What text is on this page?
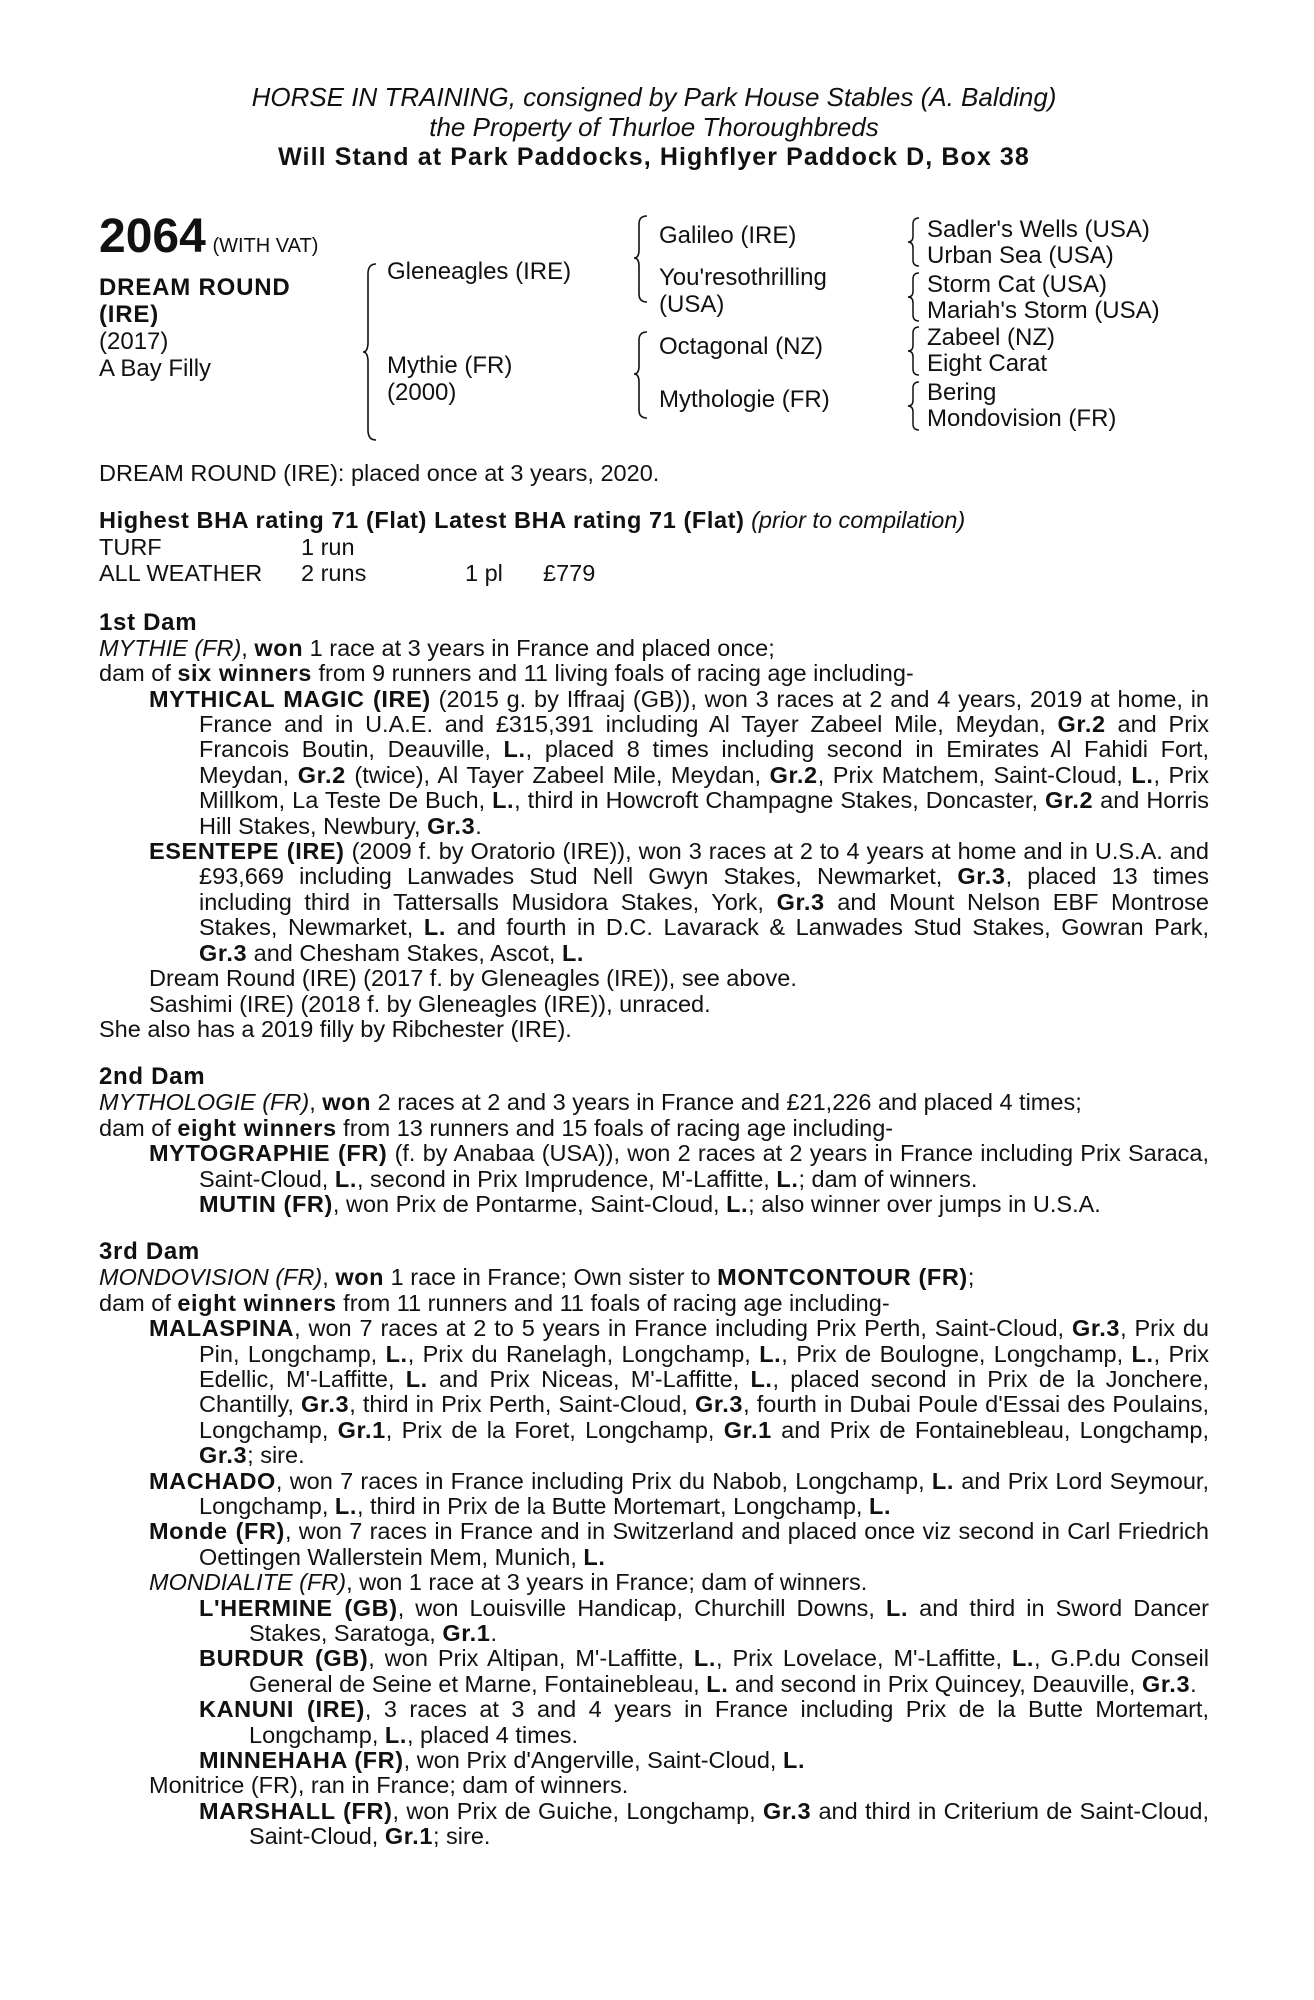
HORSE IN TRAINING, consigned by Park House Stables (A. Balding)
the Property of Thurloe Thoroughbreds
Will Stand at Park Paddocks, Highflyer Paddock D, Box 38
2064 (WITH VAT)
DREAM ROUND
(IRE)
(2017)
A Bay Filly
Gleneagles (IRE)
Mythie (FR)
(2000)
Galileo (IRE)
You'resothrilling
(USA)
Octagonal (NZ)
Mythologie (FR)
Sadler's Wells (USA)
Urban Sea (USA)
Storm Cat (USA)
Mariah's Storm (USA)
Zabeel (NZ)
Eight Carat
Bering
Mondovision (FR)

DREAM ROUND (IRE): placed once at 3 years, 2020.

Highest BHA rating 71 (Flat) Latest BHA rating 71 (Flat) (prior to compilation)

TURF	1 run
ALL WEATHER	2 runs	1 pl	£779
1st Dam

MYTHIE (FR), won 1 race at 3 years in France and placed once;

dam of six winners from 9 runners and 11 living foals of racing age including-

MYTHICAL MAGIC (IRE) (2015 g. by Iffraaj (GB)), won 3 races at 2 and 4 years, 2019 at home, in France and in U.A.E. and £315,391 including Al Tayer Zabeel Mile, Meydan, Gr.2 and Prix Francois Boutin, Deauville, L., placed 8 times including second in Emirates Al Fahidi Fort, Meydan, Gr.2 (twice), Al Tayer Zabeel Mile, Meydan, Gr.2, Prix Matchem, Saint-Cloud, L., Prix Millkom, La Teste De Buch, L., third in Howcroft Champagne Stakes, Doncaster, Gr.2 and Horris Hill Stakes, Newbury, Gr.3.

ESENTEPE (IRE) (2009 f. by Oratorio (IRE)), won 3 races at 2 to 4 years at home and in U.S.A. and £93,669 including Lanwades Stud Nell Gwyn Stakes, Newmarket, Gr.3, placed 13 times including third in Tattersalls Musidora Stakes, York, Gr.3 and Mount Nelson EBF Montrose Stakes, Newmarket, L. and fourth in D.C. Lavarack & Lanwades Stud Stakes, Gowran Park, Gr.3 and Chesham Stakes, Ascot, L.

Dream Round (IRE) (2017 f. by Gleneagles (IRE)), see above.

Sashimi (IRE) (2018 f. by Gleneagles (IRE)), unraced.

She also has a 2019 filly by Ribchester (IRE).

2nd Dam

MYTHOLOGIE (FR), won 2 races at 2 and 3 years in France and £21,226 and placed 4 times;

dam of eight winners from 13 runners and 15 foals of racing age including-

MYTOGRAPHIE (FR) (f. by Anabaa (USA)), won 2 races at 2 years in France including Prix Saraca, Saint-Cloud, L., second in Prix Imprudence, M'-Laffitte, L.; dam of winners.

MUTIN (FR), won Prix de Pontarme, Saint-Cloud, L.; also winner over jumps in U.S.A.

3rd Dam

MONDOVISION (FR), won 1 race in France; Own sister to MONTCONTOUR (FR);

dam of eight winners from 11 runners and 11 foals of racing age including-

MALASPINA, won 7 races at 2 to 5 years in France including Prix Perth, Saint-Cloud, Gr.3, Prix du Pin, Longchamp, L., Prix du Ranelagh, Longchamp, L., Prix de Boulogne, Longchamp, L., Prix Edellic, M'-Laffitte, L. and Prix Niceas, M'-Laffitte, L., placed second in Prix de la Jonchere, Chantilly, Gr.3, third in Prix Perth, Saint-Cloud, Gr.3, fourth in Dubai Poule d'Essai des Poulains, Longchamp, Gr.1, Prix de la Foret, Longchamp, Gr.1 and Prix de Fontainebleau, Longchamp, Gr.3; sire.

MACHADO, won 7 races in France including Prix du Nabob, Longchamp, L. and Prix Lord Seymour, Longchamp, L., third in Prix de la Butte Mortemart, Longchamp, L.

Monde (FR), won 7 races in France and in Switzerland and placed once viz second in Carl Friedrich Oettingen Wallerstein Mem, Munich, L.

MONDIALITE (FR), won 1 race at 3 years in France; dam of winners.

L'HERMINE (GB), won Louisville Handicap, Churchill Downs, L. and third in Sword Dancer Stakes, Saratoga, Gr.1.

BURDUR (GB), won Prix Altipan, M'-Laffitte, L., Prix Lovelace, M'-Laffitte, L., G.P.du Conseil General de Seine et Marne, Fontainebleau, L. and second in Prix Quincey, Deauville, Gr.3.

KANUNI (IRE), 3 races at 3 and 4 years in France including Prix de la Butte Mortemart, Longchamp, L., placed 4 times.

MINNEHAHA (FR), won Prix d'Angerville, Saint-Cloud, L.

Monitrice (FR), ran in France; dam of winners.

MARSHALL (FR), won Prix de Guiche, Longchamp, Gr.3 and third in Criterium de Saint-Cloud, Saint-Cloud, Gr.1; sire.
